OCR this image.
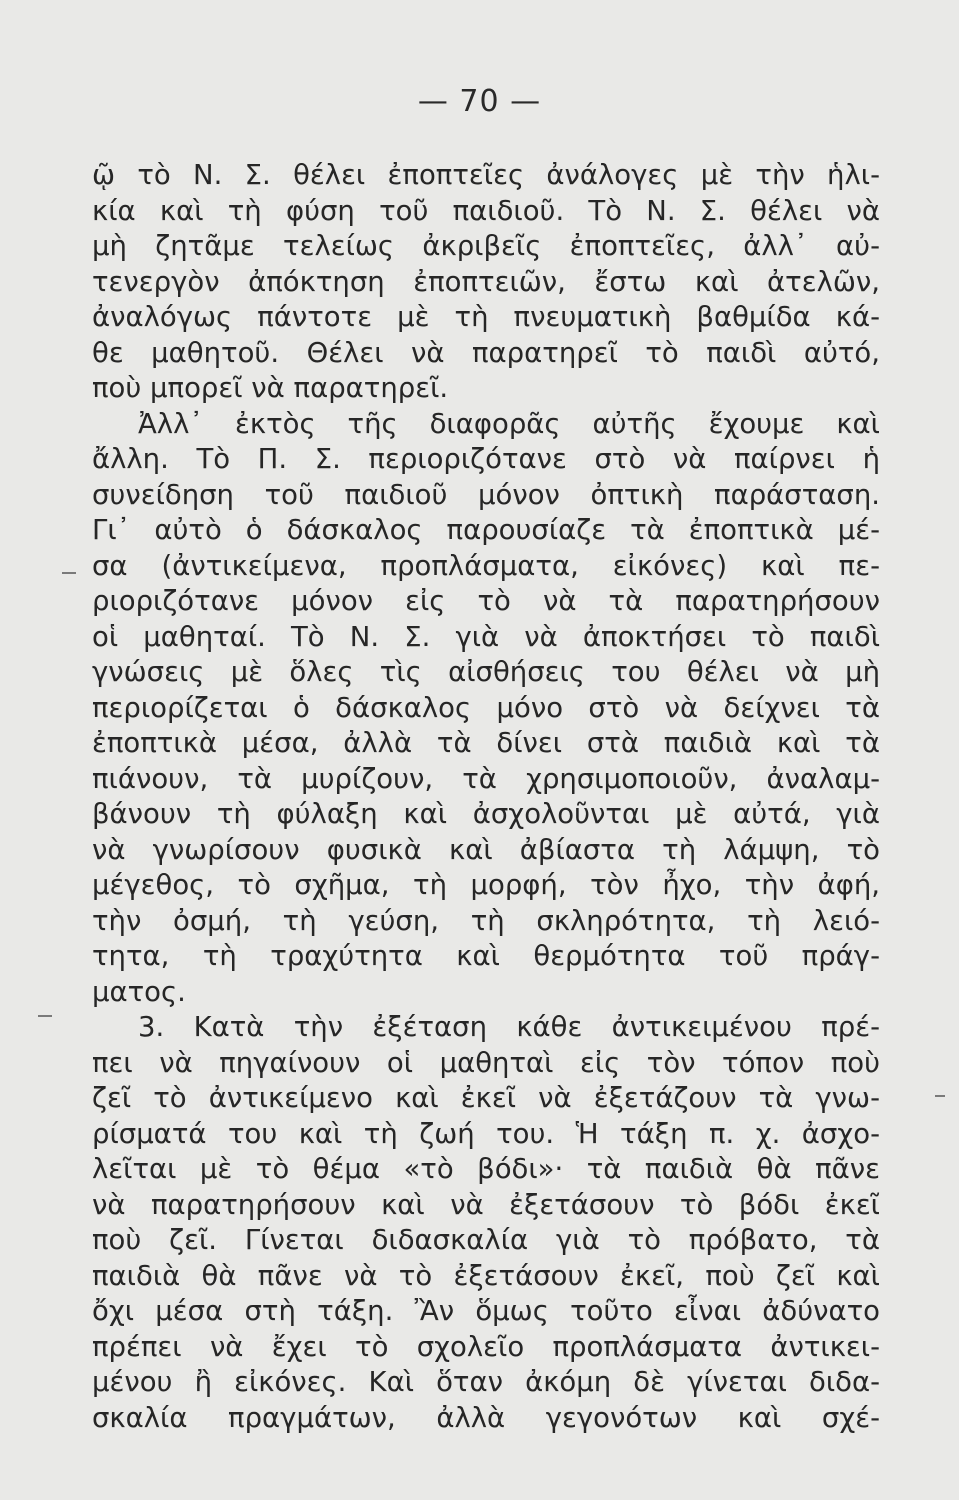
— 70 —
ῷ τὸ Ν. Σ. θέλει ἐποπτεῖες ἀνάλογες μὲ τὴν ἡλι-
κία καὶ τὴ φύση τοῦ παιδιοῦ. Τὸ Ν. Σ. θέλει νὰ
μὴ ζητᾶμε τελείως ἀκριβεῖς ἐποπτεῖες, ἀλλ᾽ αὐ-
τενεργὸν ἀπόκτηση ἐποπτειῶν, ἔστω καὶ ἀτελῶν,
ἀναλόγως πάντοτε μὲ τὴ πνευματικὴ βαθμίδα κά-
θε μαθητοῦ. Θέλει νὰ παρατηρεῖ τὸ παιδὶ αὐτό,
ποὺ μπορεῖ νὰ παρατηρεῖ.
Ἀλλ᾽ ἐκτὸς τῆς διαφορᾶς αὐτῆς ἔχουμε καὶ
ἄλλη. Τὸ Π. Σ. περιοριζότανε στὸ νὰ παίρνει ἡ
συνείδηση τοῦ παιδιοῦ μόνον ὀπτικὴ παράσταση.
Γι᾽ αὐτὸ ὁ δάσκαλος παρουσίαζε τὰ ἐποπτικὰ μέ-
σα (ἀντικείμενα, προπλάσματα, εἰκόνες) καὶ πε-
ριοριζότανε μόνον εἰς τὸ νὰ τὰ παρατηρήσουν
οἱ μαθηταί. Τὸ Ν. Σ. γιὰ νὰ ἀποκτήσει τὸ παιδὶ
γνώσεις μὲ ὅλες τὶς αἰσθήσεις του θέλει νὰ μὴ
περιορίζεται ὁ δάσκαλος μόνο στὸ νὰ δείχνει τὰ
ἐποπτικὰ μέσα, ἀλλὰ τὰ δίνει στὰ παιδιὰ καὶ τὰ
πιάνουν, τὰ μυρίζουν, τὰ χρησιμοποιοῦν, ἀναλαμ-
βάνουν τὴ φύλαξη καὶ ἀσχολοῦνται μὲ αὐτά, γιὰ
νὰ γνωρίσουν φυσικὰ καὶ ἀβίαστα τὴ λάμψη, τὸ
μέγεθος, τὸ σχῆμα, τὴ μορφή, τὸν ἦχο, τὴν ἀφή,
τὴν ὀσμή, τὴ γεύση, τὴ σκληρότητα, τὴ λειό-
τητα, τὴ τραχύτητα καὶ θερμότητα τοῦ πράγ-
ματος.
3. Κατὰ τὴν ἐξέταση κάθε ἀντικειμένου πρέ-
πει νὰ πηγαίνουν οἱ μαθηταὶ εἰς τὸν τόπον ποὺ
ζεῖ τὸ ἀντικείμενο καὶ ἐκεῖ νὰ ἐξετάζουν τὰ γνω-
ρίσματά του καὶ τὴ ζωή του. Ἡ τάξη π. χ. ἀσχο-
λεῖται μὲ τὸ θέμα «τὸ βόδι»· τὰ παιδιὰ θὰ πᾶνε
νὰ παρατηρήσουν καὶ νὰ ἐξετάσουν τὸ βόδι ἐκεῖ
ποὺ ζεῖ. Γίνεται διδασκαλία γιὰ τὸ πρόβατο, τὰ
παιδιὰ θὰ πᾶνε νὰ τὸ ἐξετάσουν ἐκεῖ, ποὺ ζεῖ καὶ
ὄχι μέσα στὴ τάξη. Ἂν ὅμως τοῦτο εἶναι ἀδύνατο
πρέπει νὰ ἔχει τὸ σχολεῖο προπλάσματα ἀντικει-
μένου ἢ εἰκόνες. Καὶ ὅταν ἀκόμη δὲ γίνεται διδα-
σκαλία πραγμάτων, ἀλλὰ γεγονότων καὶ σχέ-
